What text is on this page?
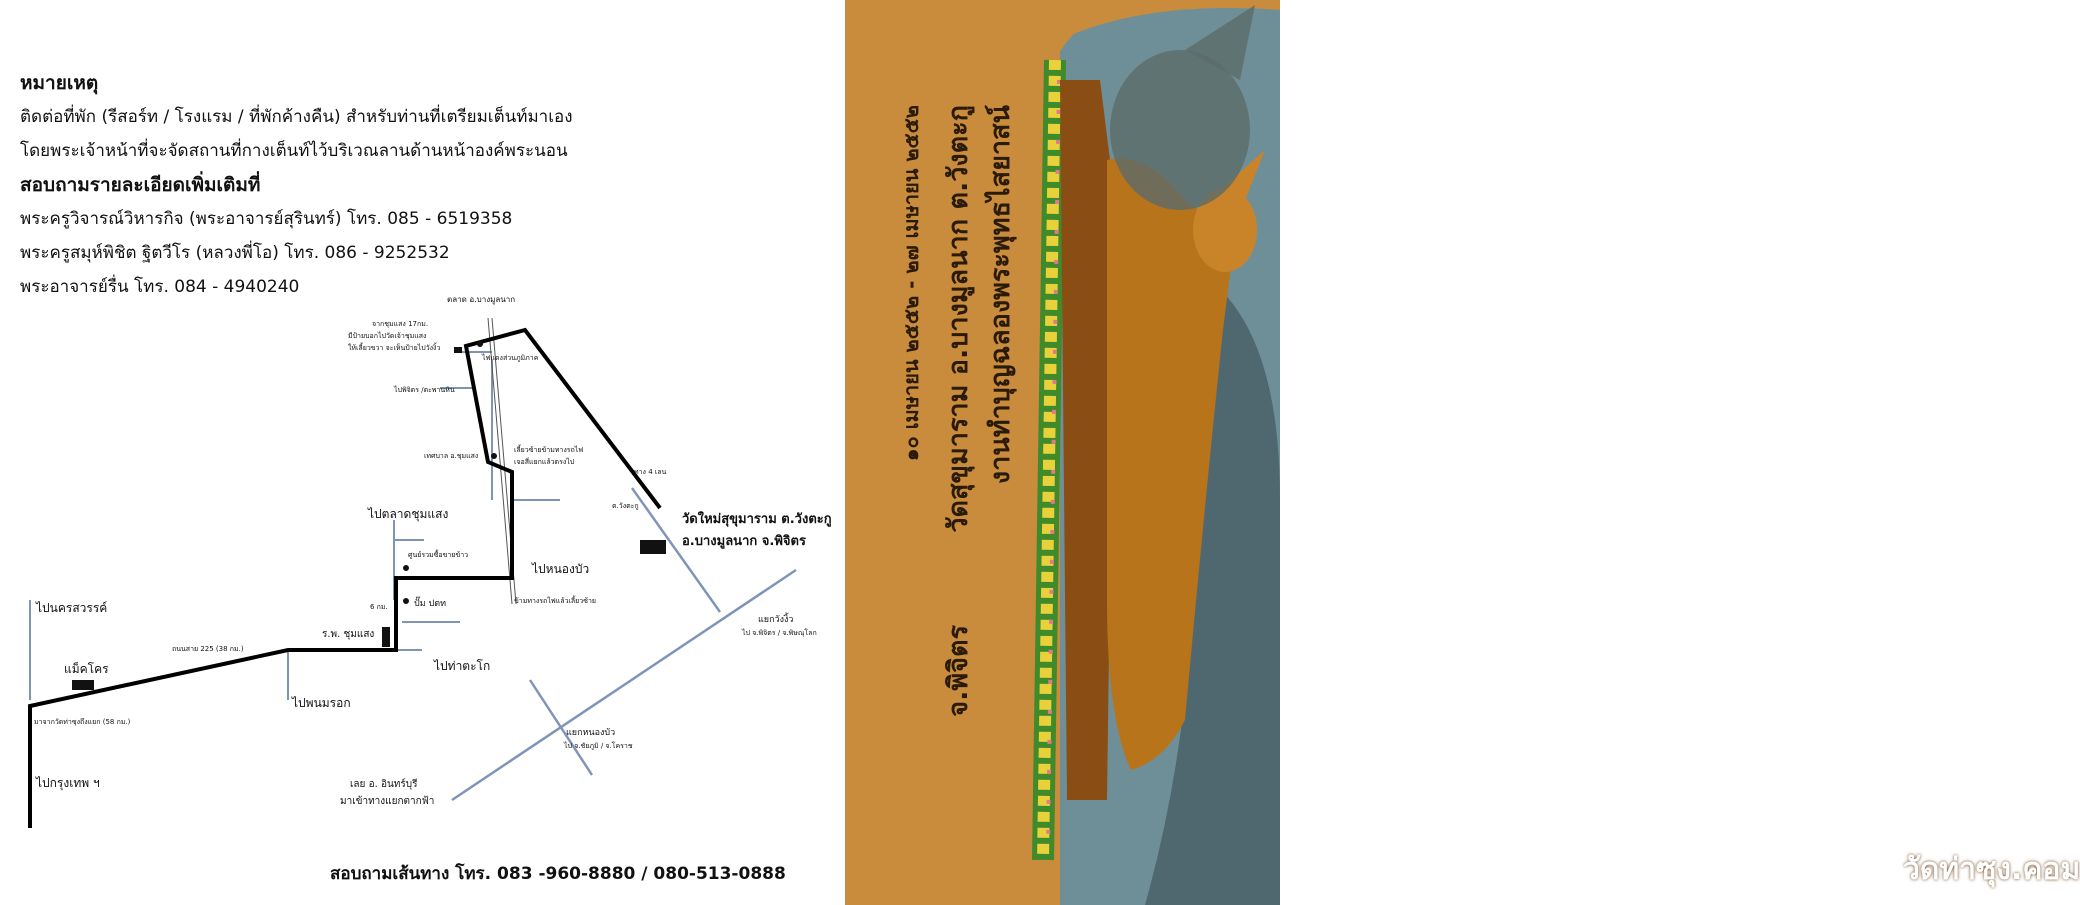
หมายเหตุ
ติดต่อที่พัก (รีสอร์ท / โรงแรม / ที่พักค้างคืน) สำหรับท่านที่เตรียมเต็นท์มาเอง
โดยพระเจ้าหน้าที่จะจัดสถานที่กางเต็นท์ไว้บริเวณลานด้านหน้าองค์พระนอน
สอบถามรายละเอียดเพิ่มเติมที่
พระครูวิจารณ์วิหารกิจ (พระอาจารย์สุรินทร์) โทร. 085 - 6519358
พระครูสมุห์พิชิต ฐิตวีโร (หลวงพี่โอ) โทร. 086 - 9252532
พระอาจารย์รื่น โทร. 084 - 4940240
ตลาด อ.บางมูลนาก
จากชุมแสง 17กม.
มีป้ายบอกไปวัดเจ้าชุมแสง
ให้เลี้ยวขวา จะเห็นป้ายไปวังงิ้ว
ไฟแดงส่วนภูมิภาค
ไปพิจิตร /ตะพานหิน
เทศบาล อ.ชุมแสง
เลี้ยวซ้ายข้ามทางรถไฟ
เจอสี่แยกแล้วตรงไป
ทาง 4 เลน
ต.วังตะกู
วัดใหม่สุขุมาราม ต.วังตะกู
อ.บางมูลนาก จ.พิจิตร
ไปตลาดชุมแสง
ไปหนองบัว
ศูนย์รวมซื้อขายข้าว
ข้ามทางรถไฟแล้วเลี้ยวซ้าย
ปั๊ม ปตท
6 กม.
ไปนครสวรรค์
ร.พ. ชุมแสง
ถนนสาย 225 (38 กม.)
แม็คโคร	ไปท่าตะโก
แยกวังงิ้ว
ไป จ.พิจิตร / จ.พิษณุโลก
ไปพนมรอก
มาจากวัดท่าซุงถึงแยก (58 กม.)
แยกหนองบัว
ไป จ.ชัยภูมิ / จ.โคราช
ไปกรุงเทพ ฯ	เลย อ. อินทร์บุรี
มาเข้าทางแยกตากฟ้า
สอบถามเส้นทาง โทร. 083 -960-8880 / 080-513-0888	วัดท่าซุง.คอม
งานทำบุญฉลองพระพุทธไสยาสน์
วัดสุขุมาราม อ.บางมูลนาก ต.วังตะกู
๑๐ เมษายน ๒๕๕๒ - ๒๗ เมษายน ๒๕๕๒
จ.พิจิตร
